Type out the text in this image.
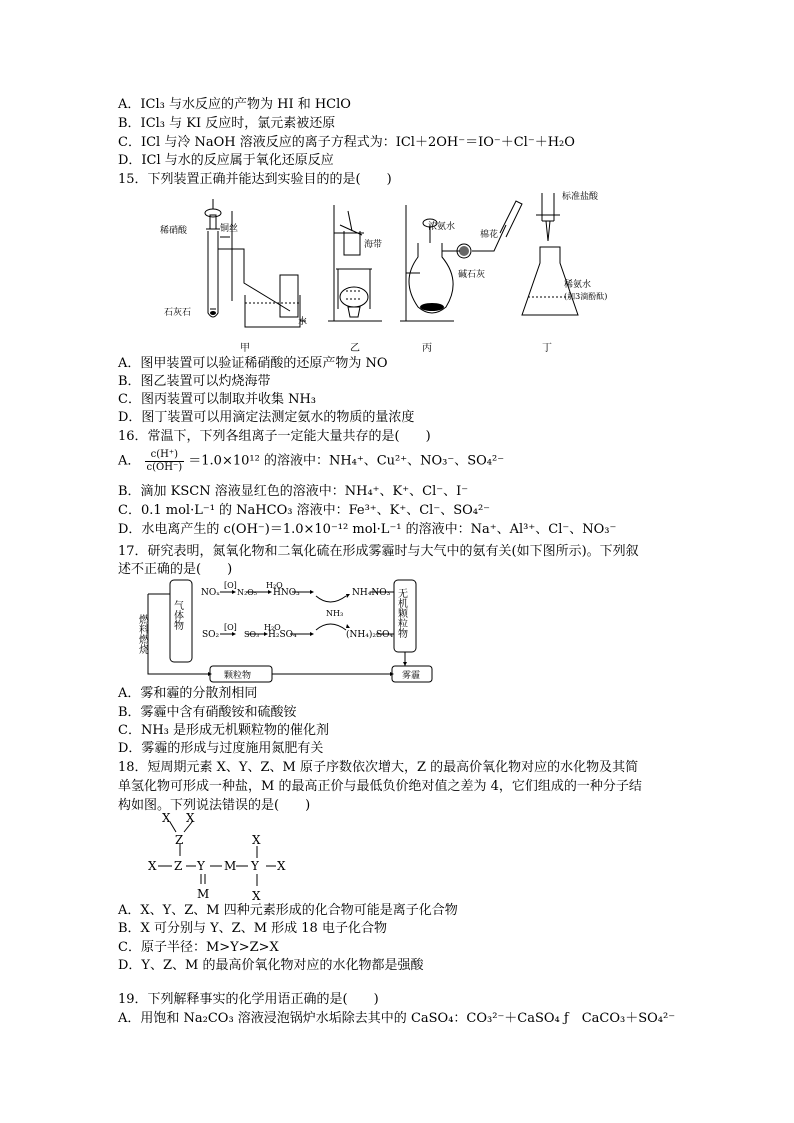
A．ICl₃ 与水反应的产物为 HI 和 HClO
B．ICl₃ 与 KI 反应时，氯元素被还原
C．ICl 与冷 NaOH 溶液反应的离子方程式为：ICl＋2OH⁻＝IO⁻＋Cl⁻＋H₂O
D．ICl 与水的反应属于氧化还原反应
15．下列装置正确并能达到实验目的的是(　　)
稀硝酸	铜丝
石灰石
水
甲
海带
乙
浓氨水
棉花
碱石灰
丙
标准盐酸
稀氨水
(加3滴酚酞)
丁
A．图甲装置可以验证稀硝酸的还原产物为 NO
B．图乙装置可以灼烧海带
C．图丙装置可以制取并收集 NH₃
D．图丁装置可以用滴定法测定氨水的物质的量浓度
16．常温下，下列各组离子一定能大量共存的是(　　)
A． $\frac{c(H^+)}{c(OH^-)} =1.0\times 10^{12}$ 的溶液中：NH₄⁺、Cu²⁺、NO₃⁻、SO₄²⁻
B．滴加 KSCN 溶液显红色的溶液中：NH₄⁺、K⁺、Cl⁻、I⁻
C．0.1 mol·L⁻¹ 的 NaHCO₃ 溶液中：Fe³⁺、K⁺、Cl⁻、SO₄²⁻
D．水电离产生的 c(OH⁻)＝1.0×10⁻¹² mol·L⁻¹ 的溶液中：Na⁺、Al³⁺、Cl⁻、NO₃⁻
17．研究表明，氮氧化物和二氧化硫在形成雾霾时与大气中的氨有关(如下图所示)。下列叙
述不正确的是(　　)
燃料燃烧 气体物
NOₓ
[O]
N₂O₅
H₂O
HNO₃	NH₄NO₃
NH₃
SO₂
[O]
SO₃
H₂O
H₂SO₄	(NH₄)₂SO₄ 无机颗粒物
颗粒物	雾霾
A．雾和霾的分散剂相同
B．雾霾中含有硝酸铵和硫酸铵
C．NH₃ 是形成无机颗粒物的催化剂
D．雾霾的形成与过度施用氮肥有关
18．短周期元素 X、Y、Z、M 原子序数依次增大，Z 的最高价氧化物对应的水化物及其简
单氢化物可形成一种盐，M 的最高正价与最低负价绝对值之差为 4，它们组成的一种分子结
构如图。下列说法错误的是(　　)
X X
Z	X
X Z Y M Y X
M	X
A．X、Y、Z、M 四种元素形成的化合物可能是离子化合物
B．X 可分别与 Y、Z、M 形成 18 电子化合物
C．原子半径：M>Y>Z>X
D．Y、Z、M 的最高价氧化物对应的水化物都是强酸
19．下列解释事实的化学用语正确的是(　　)
A．用饱和 Na₂CO₃ 溶液浸泡锅炉水垢除去其中的 CaSO₄：CO₃²⁻＋CaSO₄ ƒ　CaCO₃＋SO₄²⁻
